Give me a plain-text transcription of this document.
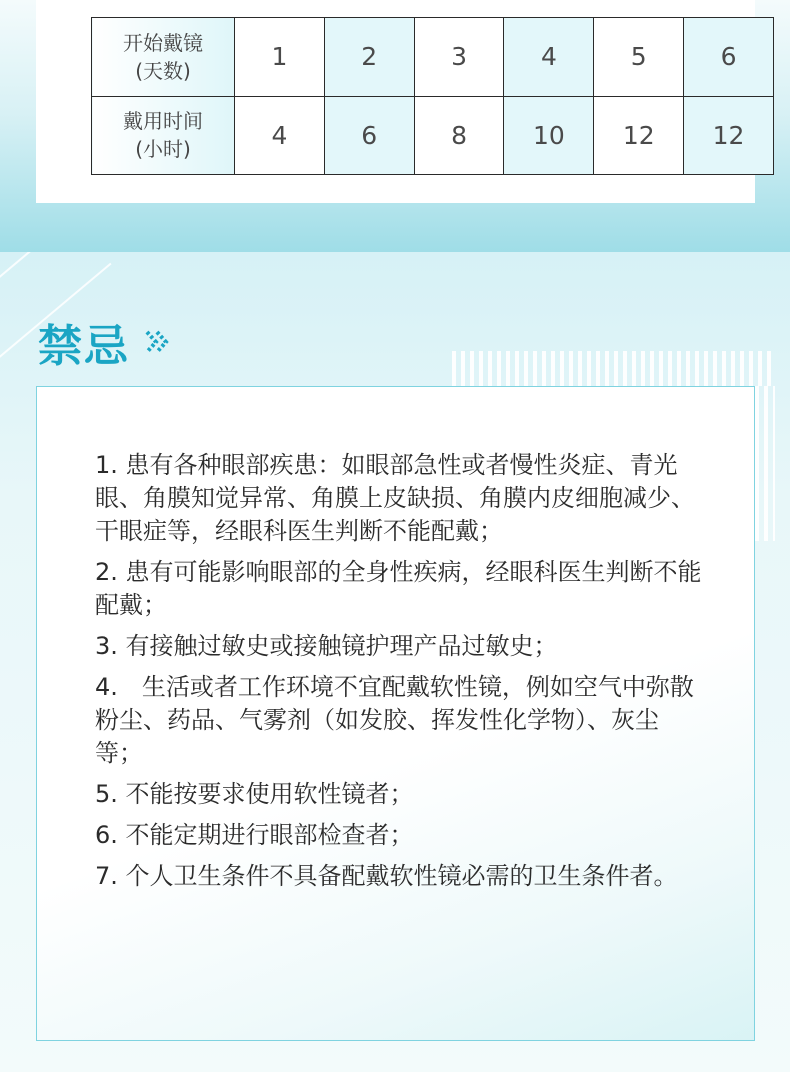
开始戴镜
(天数)	1	2	3	4	5	6

戴用时间
(小时)	4	6	8	10	12	12
禁忌

1. 患有各种眼部疾患：如眼部急性或者慢性炎症、青光眼、角膜知觉异常、角膜上皮缺损、角膜内皮细胞减少、干眼症等，经眼科医生判断不能配戴；

2. 患有可能影响眼部的全身性疾病，经眼科医生判断不能配戴；

3. 有接触过敏史或接触镜护理产品过敏史；

4.　生活或者工作环境不宜配戴软性镜，例如空气中弥散粉尘、药品、气雾剂（如发胶、挥发性化学物）、灰尘等；

5. 不能按要求使用软性镜者；

6. 不能定期进行眼部检查者；

7. 个人卫生条件不具备配戴软性镜必需的卫生条件者。
